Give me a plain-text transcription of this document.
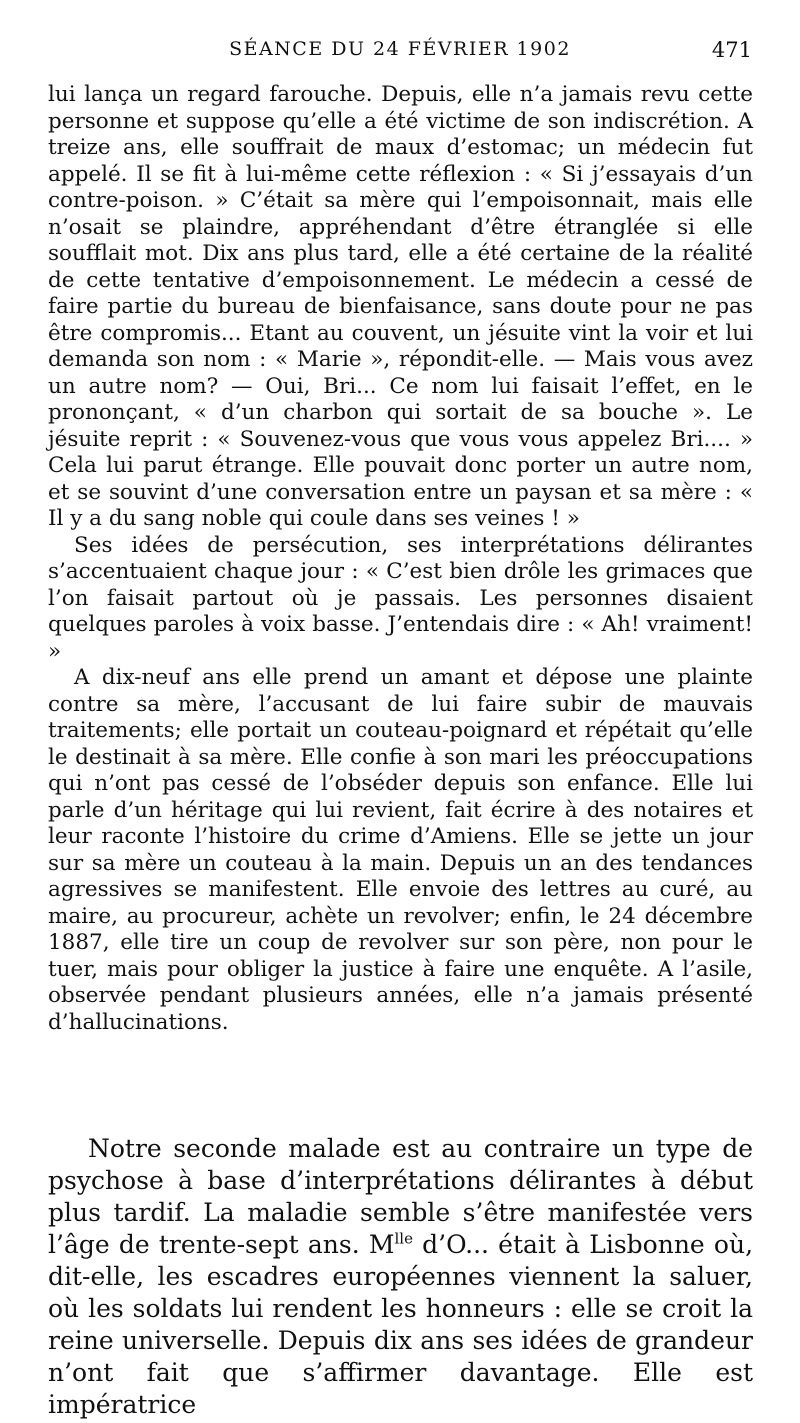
SÉANCE DU 24 FÉVRIER 1902	471

lui lança un regard farouche. Depuis, elle n’a jamais revu cette personne et suppose qu’elle a été victime de son indiscrétion. A treize ans, elle souffrait de maux d’estomac; un médecin fut appelé. Il se fit à lui-même cette réflexion : « Si j’essayais d’un contre-poison. » C’était sa mère qui l’empoisonnait, mais elle n’osait se plaindre, appréhendant d’être étranglée si elle soufflait mot. Dix ans plus tard, elle a été certaine de la réalité de cette tentative d’empoisonnement. Le médecin a cessé de faire partie du bureau de bienfaisance, sans doute pour ne pas être compromis... Etant au couvent, un jésuite vint la voir et lui demanda son nom : « Marie », répondit-elle. — Mais vous avez un autre nom? — Oui, Bri... Ce nom lui faisait l’effet, en le prononçant, « d’un charbon qui sortait de sa bouche ». Le jésuite reprit : « Souvenez-vous que vous vous appelez Bri.... » Cela lui parut étrange. Elle pouvait donc porter un autre nom, et se souvint d’une conversation entre un paysan et sa mère : « Il y a du sang noble qui coule dans ses veines ! »

Ses idées de persécution, ses interprétations délirantes s’accentuaient chaque jour : « C’est bien drôle les grimaces que l’on faisait partout où je passais. Les personnes disaient quelques paroles à voix basse. J’entendais dire : « Ah! vraiment! »

A dix-neuf ans elle prend un amant et dépose une plainte contre sa mère, l’accusant de lui faire subir de mauvais traitements; elle portait un couteau-poignard et répétait qu’elle le destinait à sa mère. Elle confie à son mari les préoccupations qui n’ont pas cessé de l’obséder depuis son enfance. Elle lui parle d’un héritage qui lui revient, fait écrire à des notaires et leur raconte l’histoire du crime d’Amiens. Elle se jette un jour sur sa mère un couteau à la main. Depuis un an des tendances agressives se manifestent. Elle envoie des lettres au curé, au maire, au procureur, achète un revolver; enfin, le 24 décembre 1887, elle tire un coup de revolver sur son père, non pour le tuer, mais pour obliger la justice à faire une enquête. A l’asile, observée pendant plusieurs années, elle n’a jamais présenté d’hallucinations.

Notre seconde malade est au contraire un type de psychose à base d’interprétations délirantes à début plus tardif. La maladie semble s’être manifestée vers l’âge de trente-sept ans. $M^{lle}$ d’O... était à Lisbonne où, dit-elle, les escadres européennes viennent la saluer, où les soldats lui rendent les honneurs : elle se croit la reine universelle. Depuis dix ans ses idées de grandeur n’ont fait que s’affirmer davantage. Elle est impératrice
